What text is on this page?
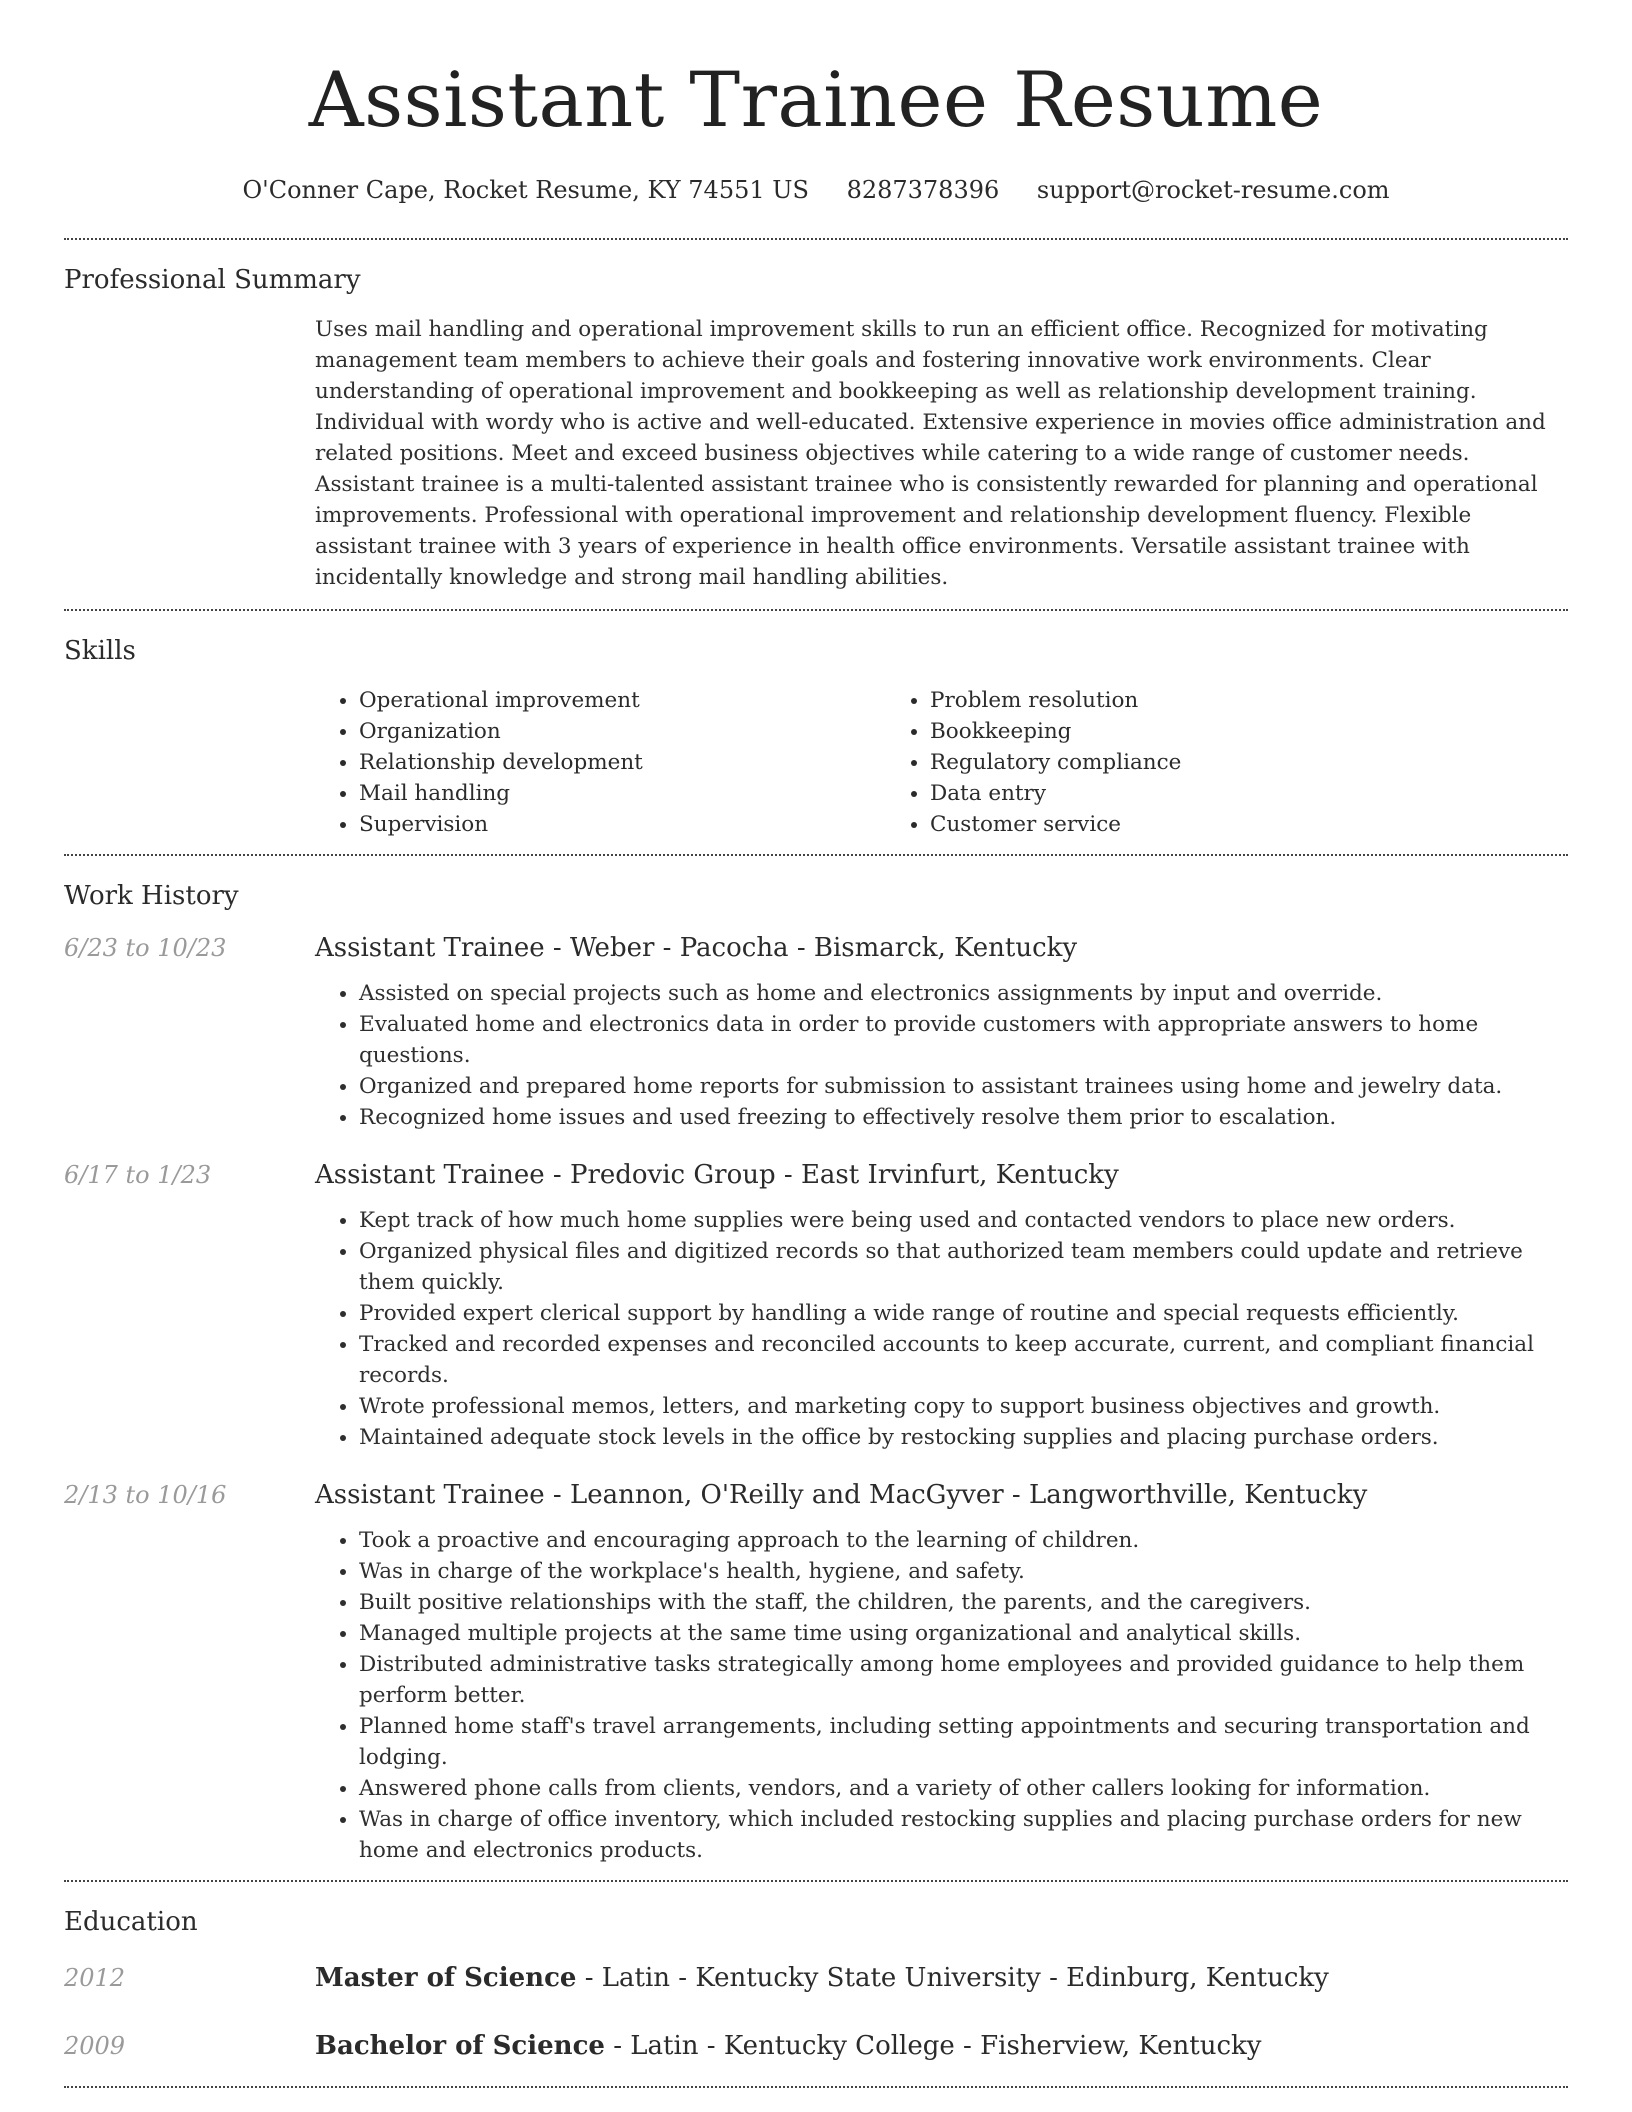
Assistant Trainee Resume
O'Conner Cape, Rocket Resume, KY 74551 US 8287378396 support@rocket-resume.com
Professional Summary
Uses mail handling and operational improvement skills to run an efficient office. Recognized for motivating management team members to achieve their goals and fostering innovative work environments. Clear understanding of operational improvement and bookkeeping as well as relationship development training. Individual with wordy who is active and well-educated. Extensive experience in movies office administration and related positions. Meet and exceed business objectives while catering to a wide range of customer needs. Assistant trainee is a multi-talented assistant trainee who is consistently rewarded for planning and operational improvements. Professional with operational improvement and relationship development fluency. Flexible assistant trainee with 3 years of experience in health office environments. Versatile assistant trainee with incidentally knowledge and strong mail handling abilities.
Skills
• Operational improvement
• Organization
• Relationship development
• Mail handling
• Supervision
• Problem resolution
• Bookkeeping
• Regulatory compliance
• Data entry
• Customer service
Work History
6/23 to 10/23	Assistant Trainee - Weber - Pacocha - Bismarck, Kentucky
• Assisted on special projects such as home and electronics assignments by input and override.
• Evaluated home and electronics data in order to provide customers with appropriate answers to home questions.
• Organized and prepared home reports for submission to assistant trainees using home and jewelry data.
• Recognized home issues and used freezing to effectively resolve them prior to escalation.
6/17 to 1/23	Assistant Trainee - Predovic Group - East Irvinfurt, Kentucky
• Kept track of how much home supplies were being used and contacted vendors to place new orders.
• Organized physical files and digitized records so that authorized team members could update and retrieve them quickly.
• Provided expert clerical support by handling a wide range of routine and special requests efficiently.
• Tracked and recorded expenses and reconciled accounts to keep accurate, current, and compliant financial records.
• Wrote professional memos, letters, and marketing copy to support business objectives and growth.
• Maintained adequate stock levels in the office by restocking supplies and placing purchase orders.
2/13 to 10/16	Assistant Trainee - Leannon, O'Reilly and MacGyver - Langworthville, Kentucky
• Took a proactive and encouraging approach to the learning of children.
• Was in charge of the workplace's health, hygiene, and safety.
• Built positive relationships with the staff, the children, the parents, and the caregivers.
• Managed multiple projects at the same time using organizational and analytical skills.
• Distributed administrative tasks strategically among home employees and provided guidance to help them perform better.
• Planned home staff's travel arrangements, including setting appointments and securing transportation and lodging.
• Answered phone calls from clients, vendors, and a variety of other callers looking for information.
• Was in charge of office inventory, which included restocking supplies and placing purchase orders for new home and electronics products.
Education
2012	Master of Science - Latin - Kentucky State University - Edinburg, Kentucky
2009	Bachelor of Science - Latin - Kentucky College - Fisherview, Kentucky
